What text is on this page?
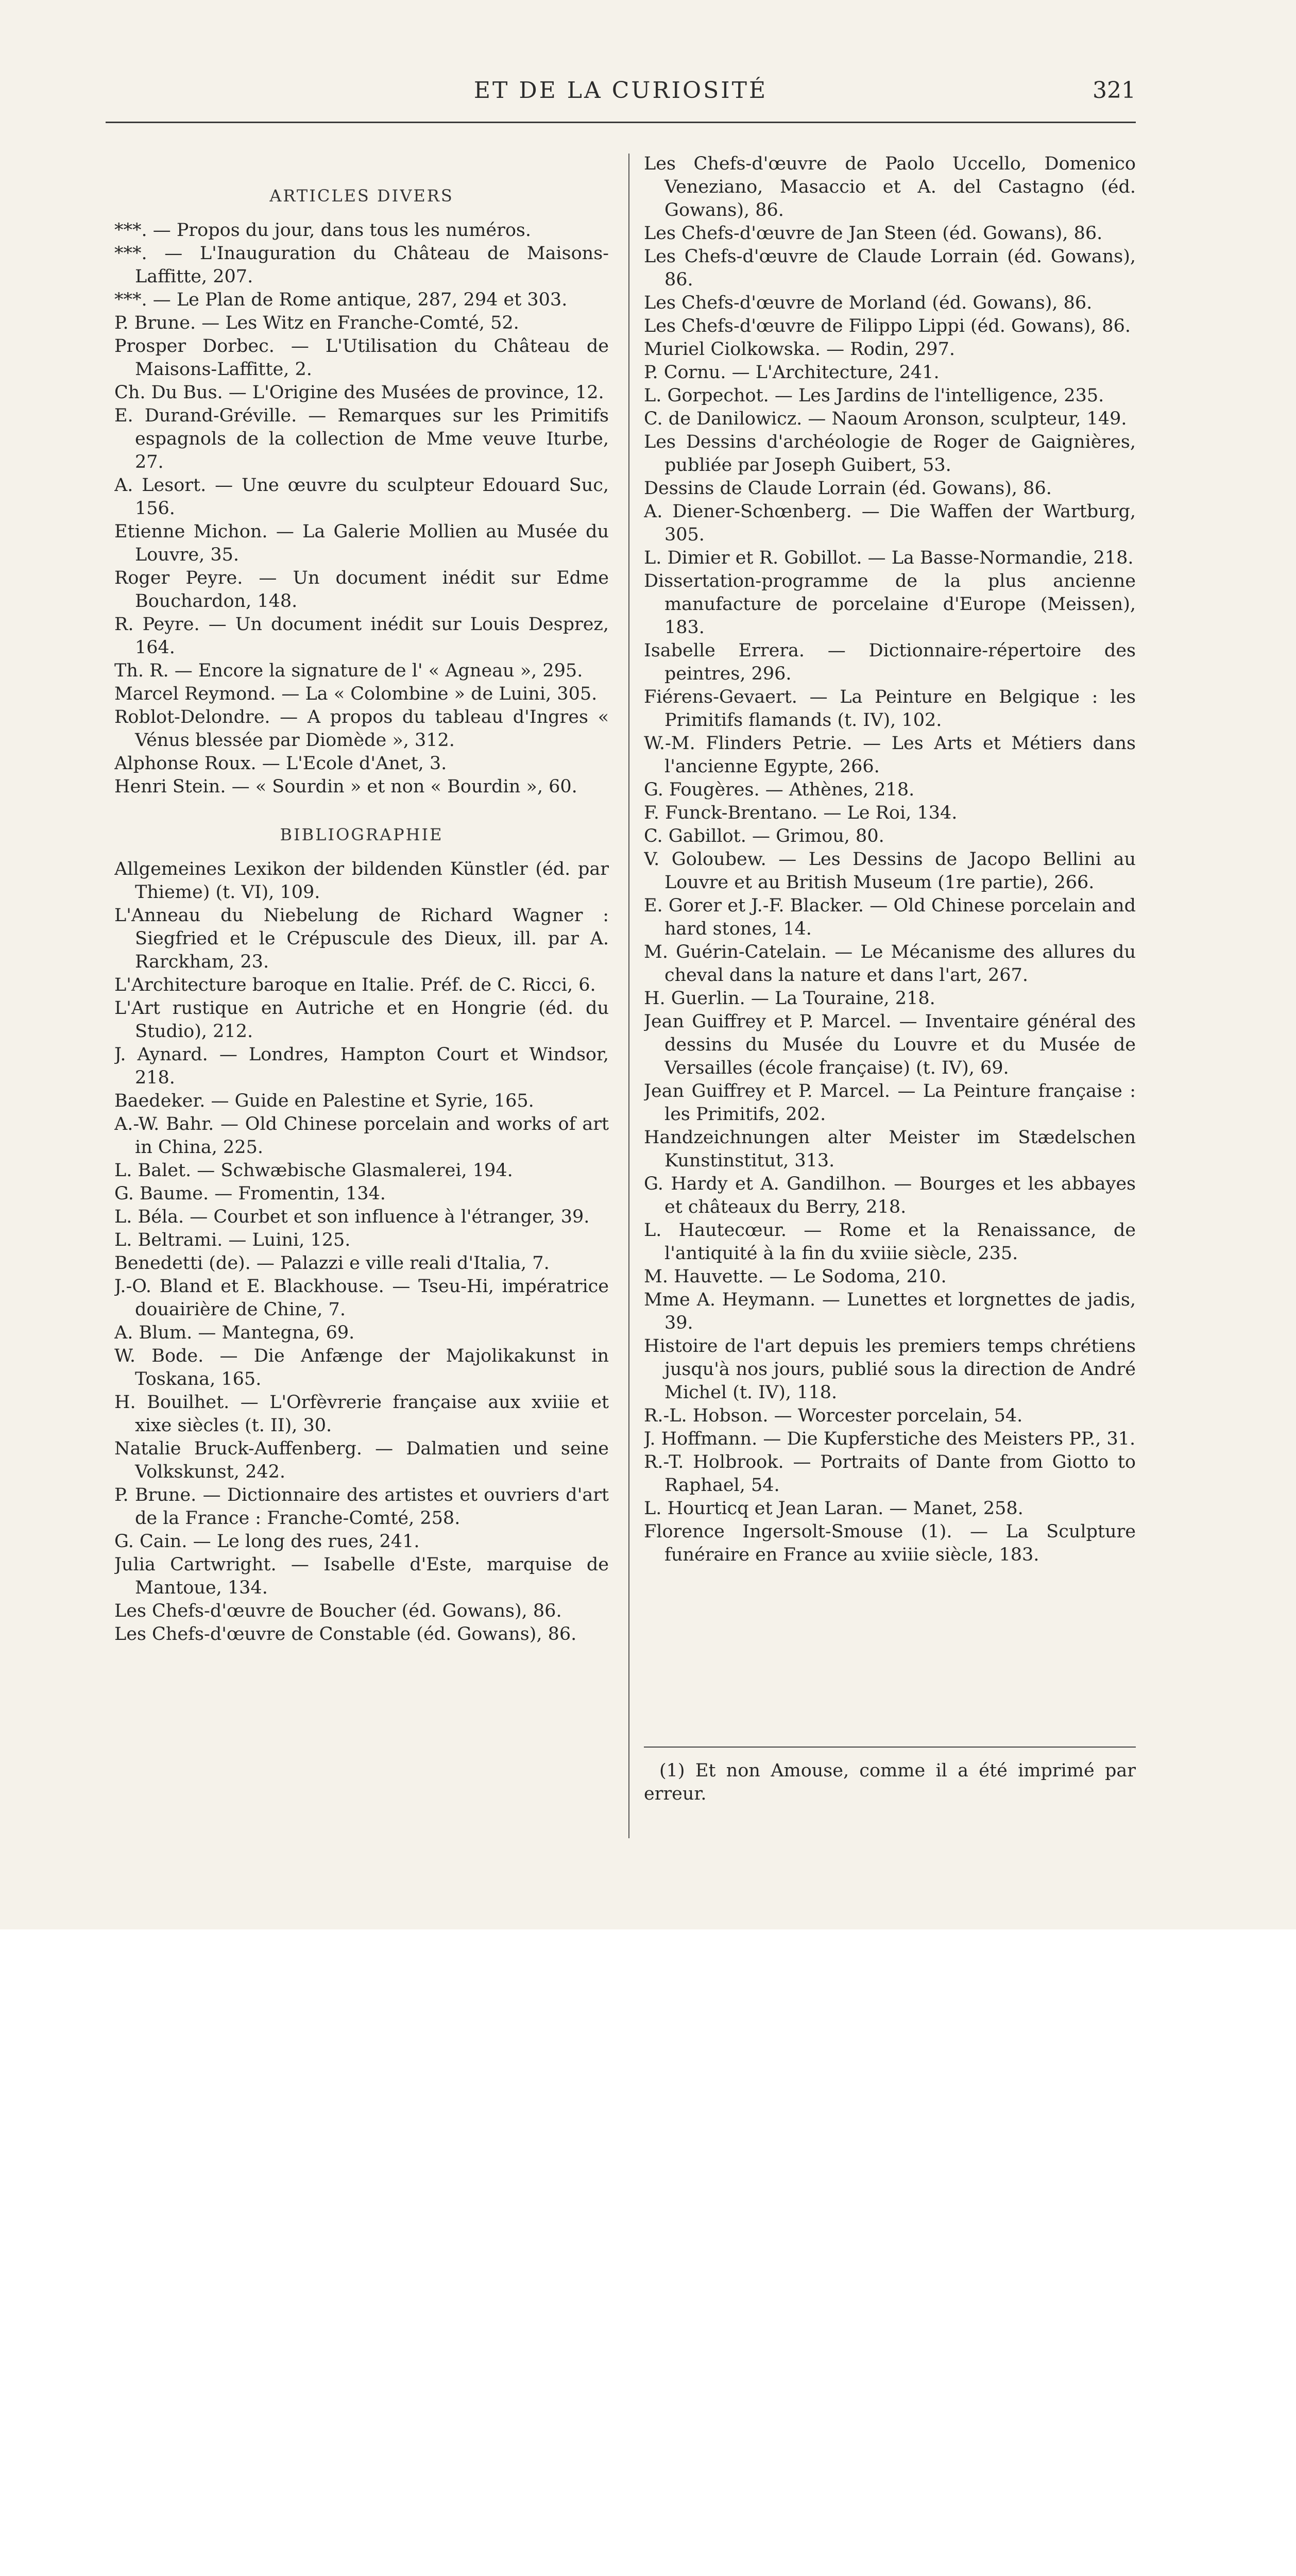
ET DE LA CURIOSITÉ	321
ARTICLES DIVERS
***. — Propos du jour, dans tous les numéros.
***. — L'Inauguration du Château de Maisons-Laffitte, 207.
***. — Le Plan de Rome antique, 287, 294 et 303.
P. Brune. — Les Witz en Franche-Comté, 52.
Prosper Dorbec. — L'Utilisation du Château de Maisons-Laffitte, 2.
Ch. Du Bus. — L'Origine des Musées de province, 12.
E. Durand-Gréville. — Remarques sur les Primitifs espagnols de la collection de Mme veuve Iturbe, 27.
A. Lesort. — Une œuvre du sculpteur Edouard Suc, 156.
Etienne Michon. — La Galerie Mollien au Musée du Louvre, 35.
Roger Peyre. — Un document inédit sur Edme Bouchardon, 148.
R. Peyre. — Un document inédit sur Louis Desprez, 164.
Th. R. — Encore la signature de l' « Agneau », 295.
Marcel Reymond. — La « Colombine » de Luini, 305.
Roblot-Delondre. — A propos du tableau d'Ingres « Vénus blessée par Diomède », 312.
Alphonse Roux. — L'Ecole d'Anet, 3.
Henri Stein. — « Sourdin » et non « Bourdin », 60.
BIBLIOGRAPHIE
Allgemeines Lexikon der bildenden Künstler (éd. par Thieme) (t. VI), 109.
L'Anneau du Niebelung de Richard Wagner : Siegfried et le Crépuscule des Dieux, ill. par A. Rarckham, 23.
L'Architecture baroque en Italie. Préf. de C. Ricci, 6.
L'Art rustique en Autriche et en Hongrie (éd. du Studio), 212.
J. Aynard. — Londres, Hampton Court et Windsor, 218.
Baedeker. — Guide en Palestine et Syrie, 165.
A.-W. Bahr. — Old Chinese porcelain and works of art in China, 225.
L. Balet. — Schwæbische Glasmalerei, 194.
G. Baume. — Fromentin, 134.
L. Béla. — Courbet et son influence à l'étranger, 39.
L. Beltrami. — Luini, 125.
Benedetti (de). — Palazzi e ville reali d'Italia, 7.
J.-O. Bland et E. Blackhouse. — Tseu-Hi, impératrice douairière de Chine, 7.
A. Blum. — Mantegna, 69.
W. Bode. — Die Anfænge der Majolikakunst in Toskana, 165.
H. Bouilhet. — L'Orfèvrerie française aux xviiie et xixe siècles (t. II), 30.
Natalie Bruck-Auffenberg. — Dalmatien und seine Volkskunst, 242.
P. Brune. — Dictionnaire des artistes et ouvriers d'art de la France : Franche-Comté, 258.
G. Cain. — Le long des rues, 241.
Julia Cartwright. — Isabelle d'Este, marquise de Mantoue, 134.
Les Chefs-d'œuvre de Boucher (éd. Gowans), 86.
Les Chefs-d'œuvre de Constable (éd. Gowans), 86.
Les Chefs-d'œuvre de Paolo Uccello, Domenico Veneziano, Masaccio et A. del Castagno (éd. Gowans), 86.
Les Chefs-d'œuvre de Jan Steen (éd. Gowans), 86.
Les Chefs-d'œuvre de Claude Lorrain (éd. Gowans), 86.
Les Chefs-d'œuvre de Morland (éd. Gowans), 86.
Les Chefs-d'œuvre de Filippo Lippi (éd. Gowans), 86.
Muriel Ciolkowska. — Rodin, 297.
P. Cornu. — L'Architecture, 241.
L. Gorpechot. — Les Jardins de l'intelligence, 235.
C. de Danilowicz. — Naoum Aronson, sculpteur, 149.
Les Dessins d'archéologie de Roger de Gaignières, publiée par Joseph Guibert, 53.
Dessins de Claude Lorrain (éd. Gowans), 86.
A. Diener-Schœnberg. — Die Waffen der Wartburg, 305.
L. Dimier et R. Gobillot. — La Basse-Normandie, 218.
Dissertation-programme de la plus ancienne manufacture de porcelaine d'Europe (Meissen), 183.
Isabelle Errera. — Dictionnaire-répertoire des peintres, 296.
Fiérens-Gevaert. — La Peinture en Belgique : les Primitifs flamands (t. IV), 102.
W.-M. Flinders Petrie. — Les Arts et Métiers dans l'ancienne Egypte, 266.
G. Fougères. — Athènes, 218.
F. Funck-Brentano. — Le Roi, 134.
C. Gabillot. — Grimou, 80.
V. Goloubew. — Les Dessins de Jacopo Bellini au Louvre et au British Museum (1re partie), 266.
E. Gorer et J.-F. Blacker. — Old Chinese porcelain and hard stones, 14.
M. Guérin-Catelain. — Le Mécanisme des allures du cheval dans la nature et dans l'art, 267.
H. Guerlin. — La Touraine, 218.
Jean Guiffrey et P. Marcel. — Inventaire général des dessins du Musée du Louvre et du Musée de Versailles (école française) (t. IV), 69.
Jean Guiffrey et P. Marcel. — La Peinture française : les Primitifs, 202.
Handzeichnungen alter Meister im Stædelschen Kunstinstitut, 313.
G. Hardy et A. Gandilhon. — Bourges et les abbayes et châteaux du Berry, 218.
L. Hautecœur. — Rome et la Renaissance, de l'antiquité à la fin du xviiie siècle, 235.
M. Hauvette. — Le Sodoma, 210.
Mme A. Heymann. — Lunettes et lorgnettes de jadis, 39.
Histoire de l'art depuis les premiers temps chrétiens jusqu'à nos jours, publié sous la direction de André Michel (t. IV), 118.
R.-L. Hobson. — Worcester porcelain, 54.
J. Hoffmann. — Die Kupferstiche des Meisters PP., 31.
R.-T. Holbrook. — Portraits of Dante from Giotto to Raphael, 54.
L. Hourticq et Jean Laran. — Manet, 258.
Florence Ingersolt-Smouse (1). — La Sculpture funéraire en France au xviiie siècle, 183.
(1) Et non Amouse, comme il a été imprimé par erreur.
